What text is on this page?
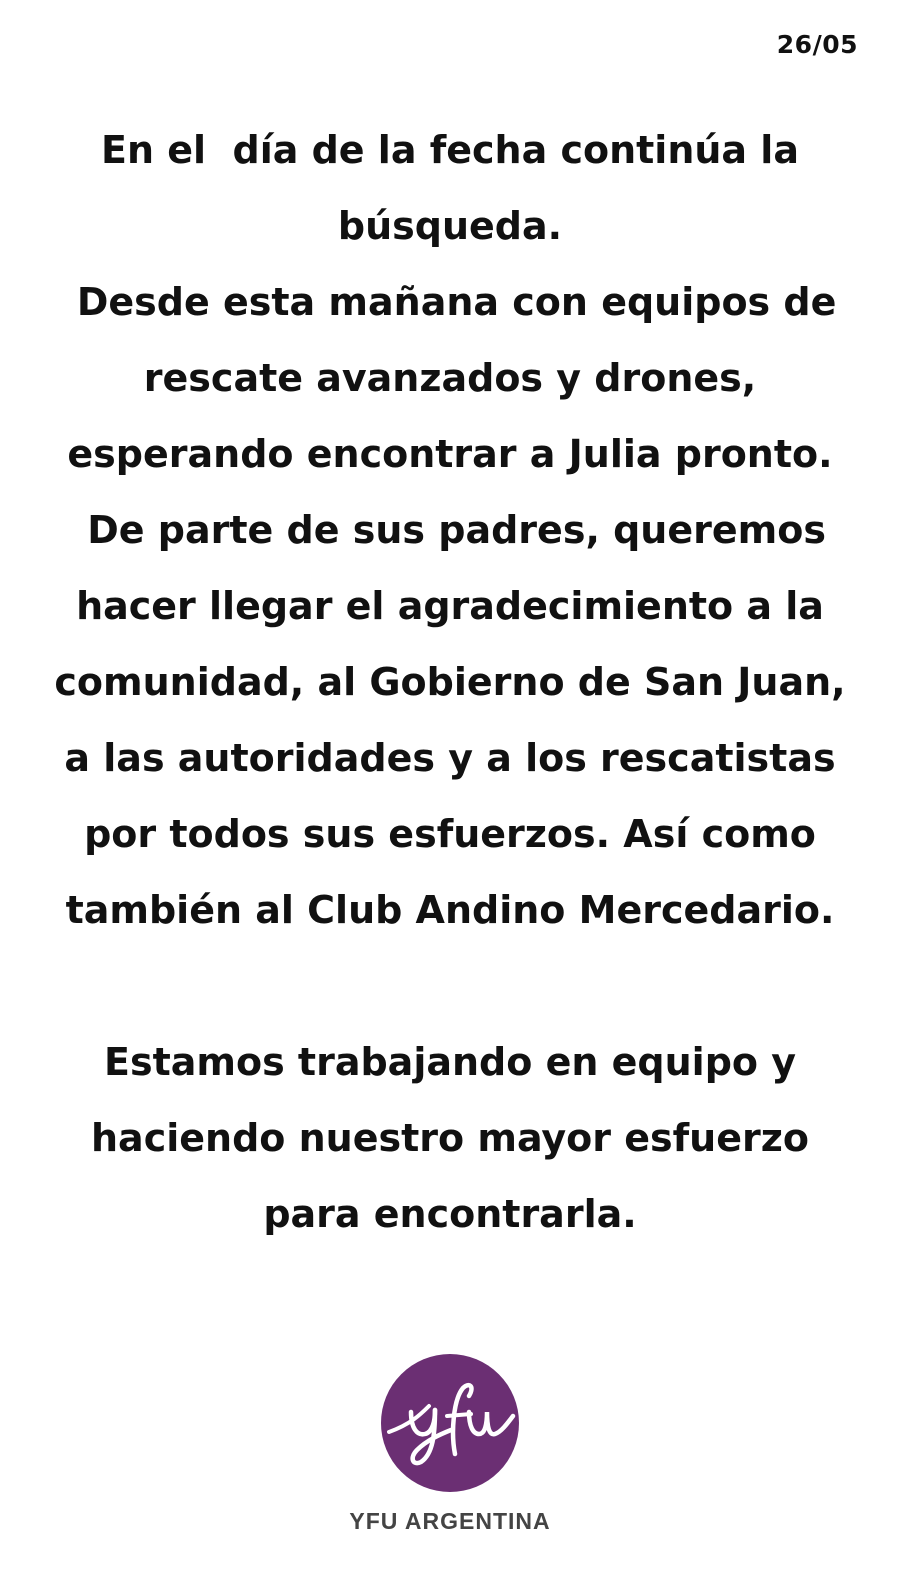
26/05
En el  día de la fecha continúa la
búsqueda.
Desde esta mañana con equipos de
rescate avanzados y drones,
esperando encontrar a Julia pronto.
De parte de sus padres, queremos
hacer llegar el agradecimiento a la
comunidad, al Gobierno de San Juan,
a las autoridades y a los rescatistas
por todos sus esfuerzos. Así como
también al Club Andino Mercedario.
Estamos trabajando en equipo y
haciendo nuestro mayor esfuerzo
para encontrarla.
YFU ARGENTINA
